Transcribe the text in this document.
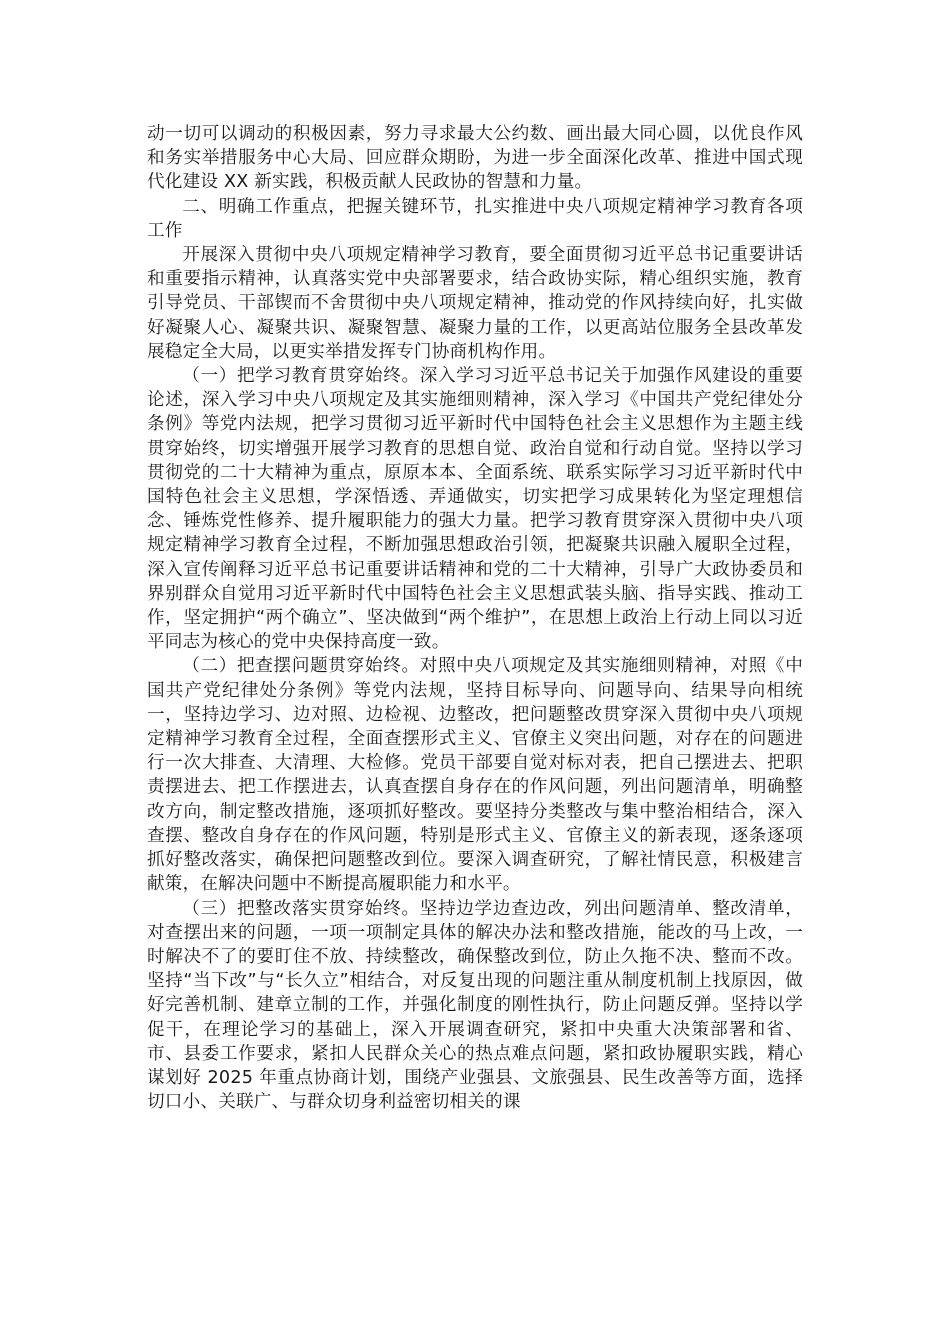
动一切可以调动的积极因素，努力寻求最大公约数、画出最大同心圆，以优良作风和务实举措服务中心大局、回应群众期盼，为进一步全面深化改革、推进中国式现代化建设 XX 新实践，积极贡献人民政协的智慧和力量。

二、明确工作重点，把握关键环节，扎实推进中央八项规定精神学习教育各项工作

开展深入贯彻中央八项规定精神学习教育，要全面贯彻习近平总书记重要讲话和重要指示精神，认真落实党中央部署要求，结合政协实际，精心组织实施，教育引导党员、干部锲而不舍贯彻中央八项规定精神，推动党的作风持续向好，扎实做好凝聚人心、凝聚共识、凝聚智慧、凝聚力量的工作，以更高站位服务全县改革发展稳定全大局，以更实举措发挥专门协商机构作用。

（一）把学习教育贯穿始终。深入学习习近平总书记关于加强作风建设的重要论述，深入学习中央八项规定及其实施细则精神，深入学习《中国共产党纪律处分条例》等党内法规，把学习贯彻习近平新时代中国特色社会主义思想作为主题主线贯穿始终，切实增强开展学习教育的思想自觉、政治自觉和行动自觉。坚持以学习贯彻党的二十大精神为重点，原原本本、全面系统、联系实际学习习近平新时代中国特色社会主义思想，学深悟透、弄通做实，切实把学习成果转化为坚定理想信念、锤炼党性修养、提升履职能力的强大力量。把学习教育贯穿深入贯彻中央八项规定精神学习教育全过程，不断加强思想政治引领，把凝聚共识融入履职全过程，深入宣传阐释习近平总书记重要讲话精神和党的二十大精神，引导广大政协委员和界别群众自觉用习近平新时代中国特色社会主义思想武装头脑、指导实践、推动工作，坚定拥护“两个确立”、坚决做到“两个维护”，在思想上政治上行动上同以习近平同志为核心的党中央保持高度一致。

（二）把查摆问题贯穿始终。对照中央八项规定及其实施细则精神，对照《中国共产党纪律处分条例》等党内法规，坚持目标导向、问题导向、结果导向相统一，坚持边学习、边对照、边检视、边整改，把问题整改贯穿深入贯彻中央八项规定精神学习教育全过程，全面查摆形式主义、官僚主义突出问题，对存在的问题进行一次大排查、大清理、大检修。党员干部要自觉对标对表，把自己摆进去、把职责摆进去、把工作摆进去，认真查摆自身存在的作风问题，列出问题清单，明确整改方向，制定整改措施，逐项抓好整改。要坚持分类整改与集中整治相结合，深入查摆、整改自身存在的作风问题，特别是形式主义、官僚主义的新表现，逐条逐项抓好整改落实，确保把问题整改到位。要深入调查研究，了解社情民意，积极建言献策，在解决问题中不断提高履职能力和水平。

（三）把整改落实贯穿始终。坚持边学边查边改，列出问题清单、整改清单，对查摆出来的问题，一项一项制定具体的解决办法和整改措施，能改的马上改，一时解决不了的要盯住不放、持续整改，确保整改到位，防止久拖不决、整而不改。坚持“当下改”与“长久立”相结合，对反复出现的问题注重从制度机制上找原因，做好完善机制、建章立制的工作，并强化制度的刚性执行，防止问题反弹。坚持以学促干，在理论学习的基础上，深入开展调查研究，紧扣中央重大决策部署和省、市、县委工作要求，紧扣人民群众关心的热点难点问题，紧扣政协履职实践，精心谋划好 2025 年重点协商计划，围绕产业强县、文旅强县、民生改善等方面，选择切口小、关联广、与群众切身利益密切相关的课
